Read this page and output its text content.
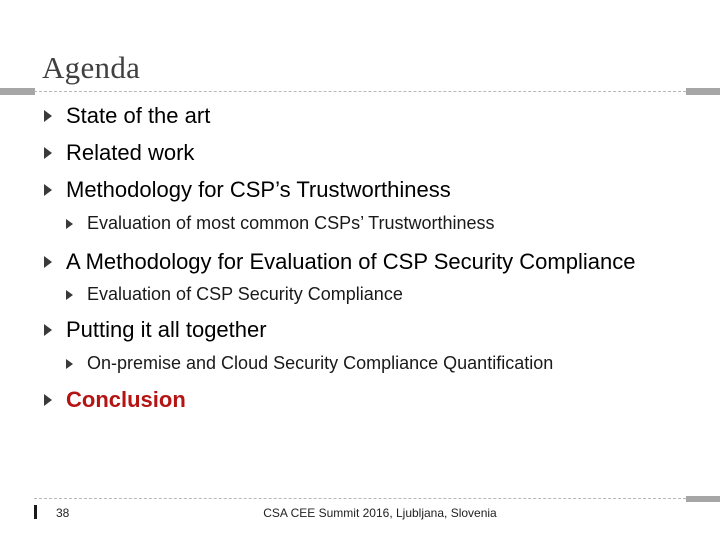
Agenda
State of the art
Related work
Methodology for CSP’s Trustworthiness
Evaluation of most common CSPs’ Trustworthiness
A Methodology for Evaluation of CSP Security Compliance
Evaluation of CSP Security Compliance
Putting it all together
On-premise and Cloud Security Compliance Quantification
Conclusion
38	CSA CEE Summit 2016, Ljubljana, Slovenia
